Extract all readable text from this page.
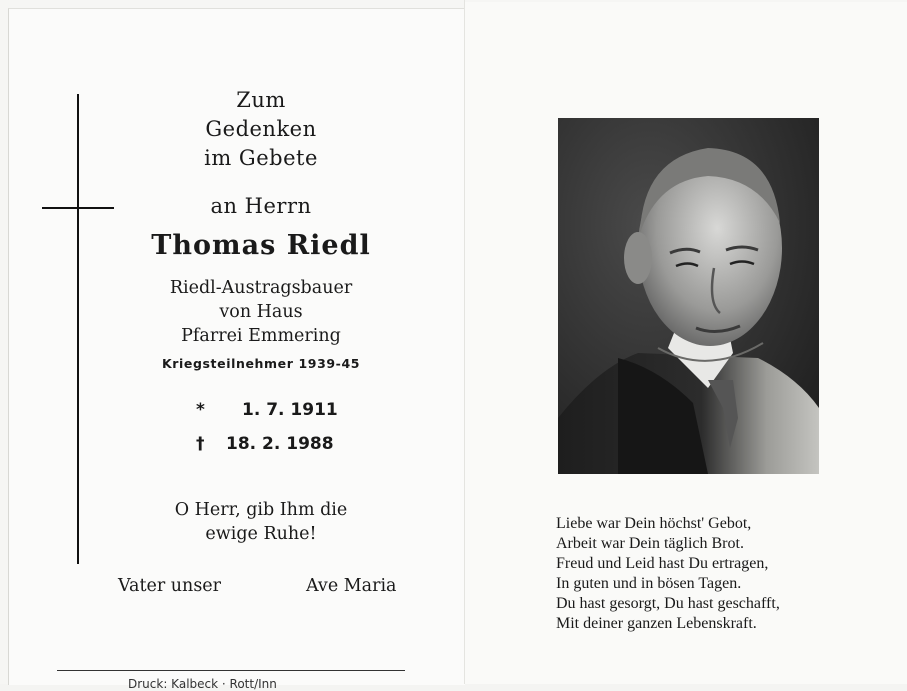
Zum
Gedenken
im Gebete
an Herrn
Thomas Riedl
Riedl-Austragsbauer
von Haus
Pfarrei Emmering
Kriegsteilnehmer 1939-45
* 1. 7. 1911
† 18. 2. 1988
O Herr, gib Ihm die
ewige Ruhe!
Vater unser	Ave Maria
Druck: Kalbeck · Rott/Inn
Liebe war Dein höchst' Gebot,
Arbeit war Dein täglich Brot.
Freud und Leid hast Du ertragen,
In guten und in bösen Tagen.
Du hast gesorgt, Du hast geschafft,
Mit deiner ganzen Lebenskraft.
